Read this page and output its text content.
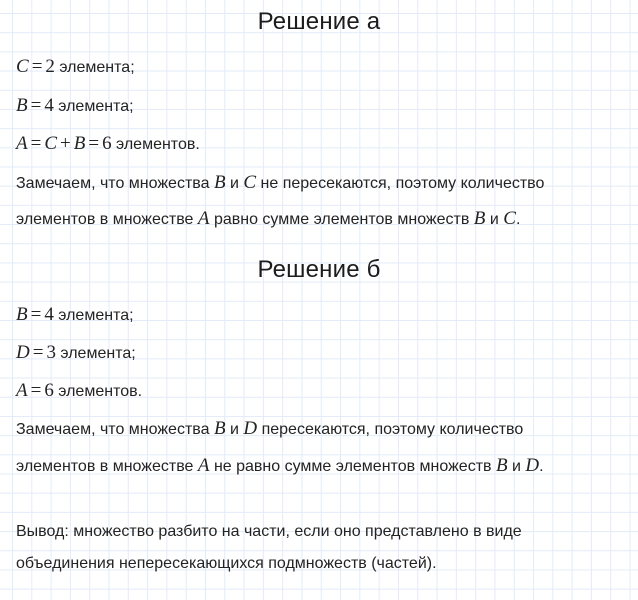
Решение а
C = 2 элемента;
B = 4 элемента;
A = C + B = 6 элементов.
Замечаем, что множества B и C не пересекаются, поэтому количество
элементов в множестве A равно сумме элементов множеств B и C.
Решение б
B = 4 элемента;
D = 3 элемента;
A = 6 элементов.
Замечаем, что множества B и D пересекаются, поэтому количество
элементов в множестве A не равно сумме элементов множеств B и D.
Вывод: множество разбито на части, если оно представлено в виде
объединения непересекающихся подмножеств (частей).
